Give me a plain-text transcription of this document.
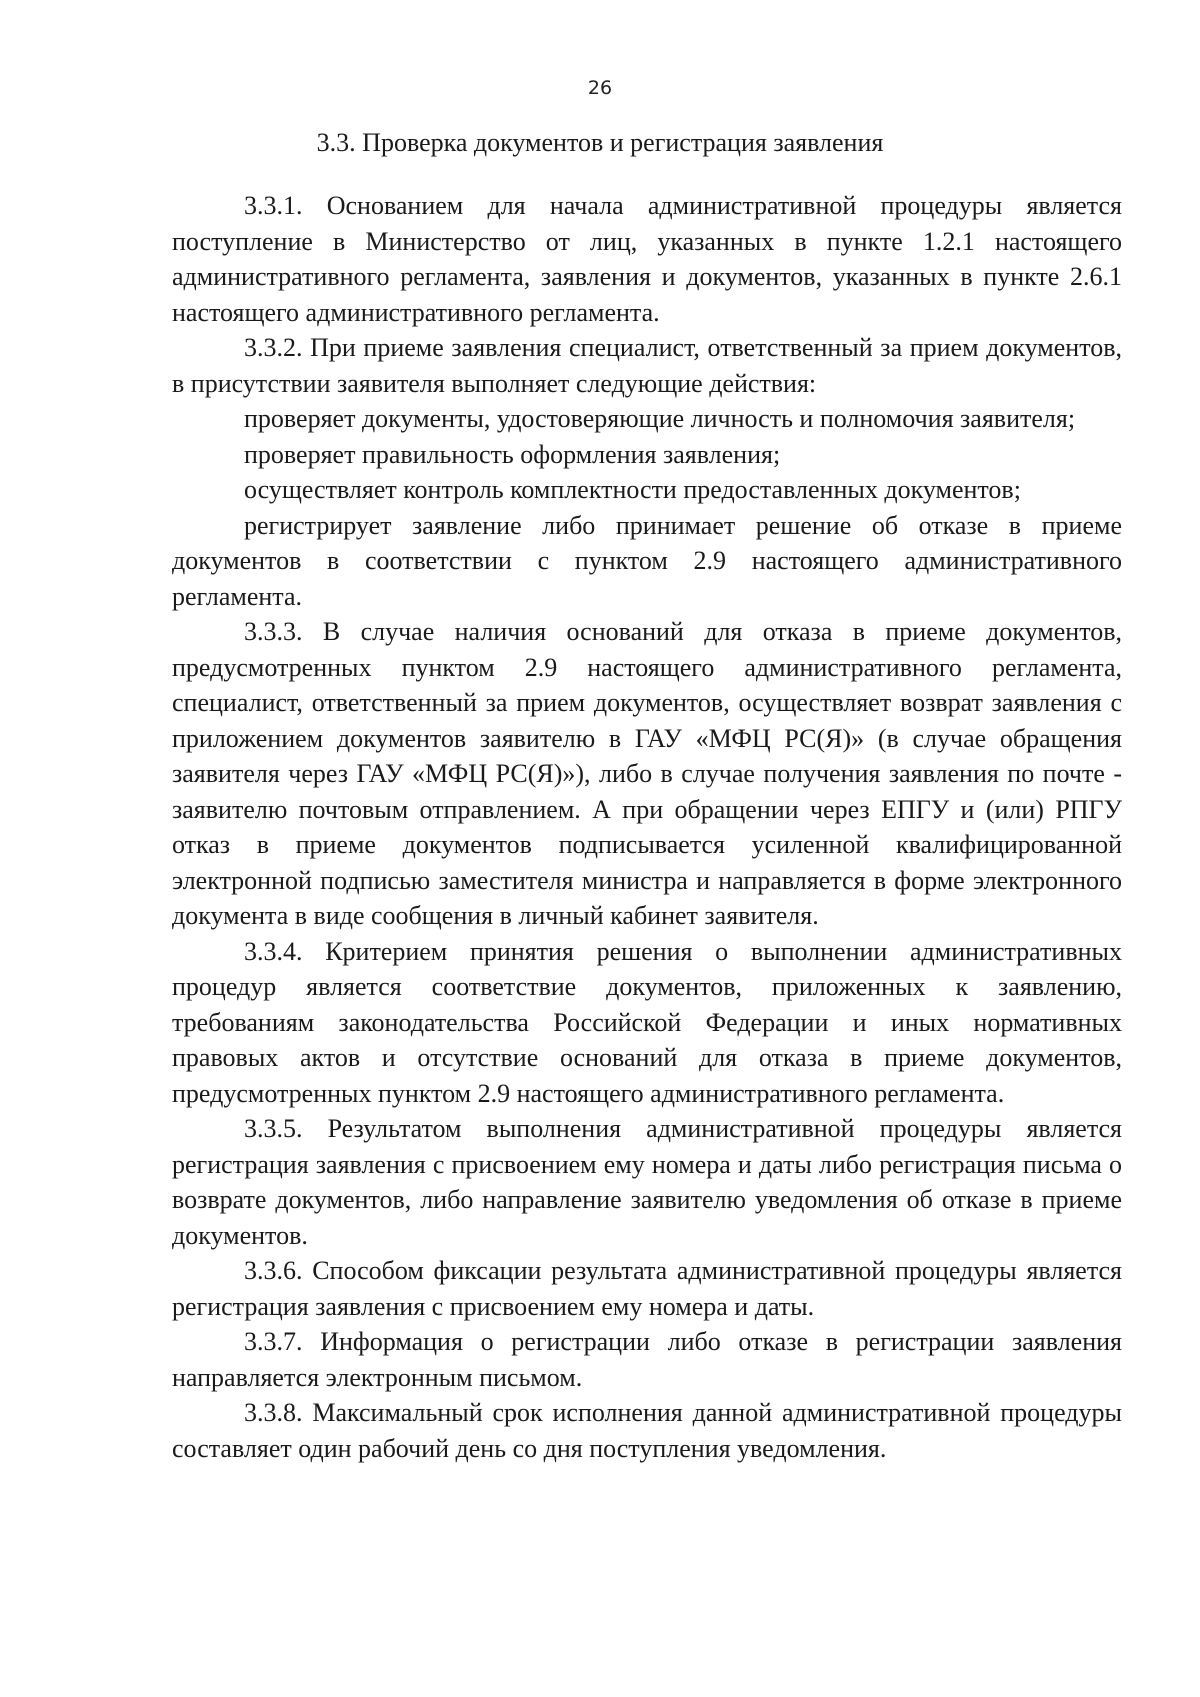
26
3.3. Проверка документов и регистрация заявления

3.3.1. Основанием для начала административной процедуры является поступление в Министерство от лиц, указанных в пункте 1.2.1 настоящего административного регламента, заявления и документов, указанных в пункте 2.6.1 настоящего административного регламента.

3.3.2. При приеме заявления специалист, ответственный за прием документов, в присутствии заявителя выполняет следующие действия:

проверяет документы, удостоверяющие личность и полномочия заявителя;

проверяет правильность оформления заявления;

осуществляет контроль комплектности предоставленных документов;

регистрирует заявление либо принимает решение об отказе в приеме документов в соответствии с пунктом 2.9 настоящего административного регламента.

3.3.3. В случае наличия оснований для отказа в приеме документов, предусмотренных пунктом 2.9 настоящего административного регламента, специалист, ответственный за прием документов, осуществляет возврат заявления с приложением документов заявителю в ГАУ «МФЦ РС(Я)» (в случае обращения заявителя через ГАУ «МФЦ РС(Я)»), либо в случае получения заявления по почте - заявителю почтовым отправлением. А при обращении через ЕПГУ и (или) РПГУ отказ в приеме документов подписывается усиленной квалифицированной электронной подписью заместителя министра и направляется в форме электронного документа в виде сообщения в личный кабинет заявителя.

3.3.4. Критерием принятия решения о выполнении административных процедур является соответствие документов, приложенных к заявлению, требованиям законодательства Российской Федерации и иных нормативных правовых актов и отсутствие оснований для отказа в приеме документов, предусмотренных пунктом 2.9 настоящего административного регламента.

3.3.5. Результатом выполнения административной процедуры является регистрация заявления с присвоением ему номера и даты либо регистрация письма о возврате документов, либо направление заявителю уведомления об отказе в приеме документов.

3.3.6. Способом фиксации результата административной процедуры является регистрация заявления с присвоением ему номера и даты.

3.3.7. Информация о регистрации либо отказе в регистрации заявления направляется электронным письмом.

3.3.8. Максимальный срок исполнения данной административной процедуры составляет один рабочий день со дня поступления уведомления.
